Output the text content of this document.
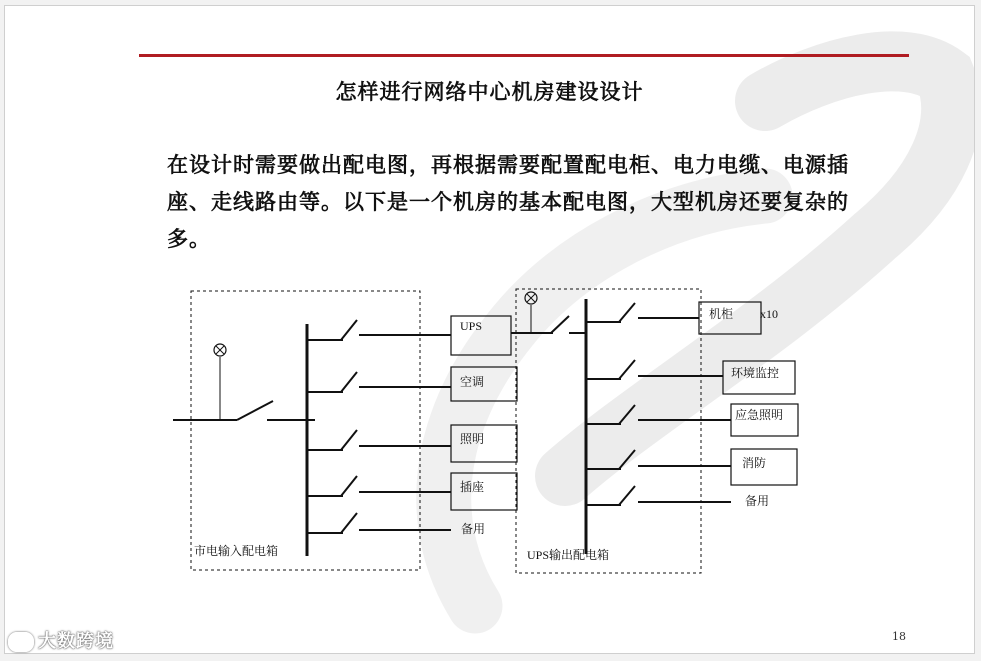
怎样进行网络中心机房建设设计

在设计时需要做出配电图，再根据需要配置配电柜、电力电缆、电源插座、走线路由等。以下是一个机房的基本配电图，大型机房还要复杂的多。

UPS
空调
照明
插座
备用
市电输入配电箱
机柜 x10
环境监控
应急照明
消防
备用
UPS输出配电箱
18
大数跨境
